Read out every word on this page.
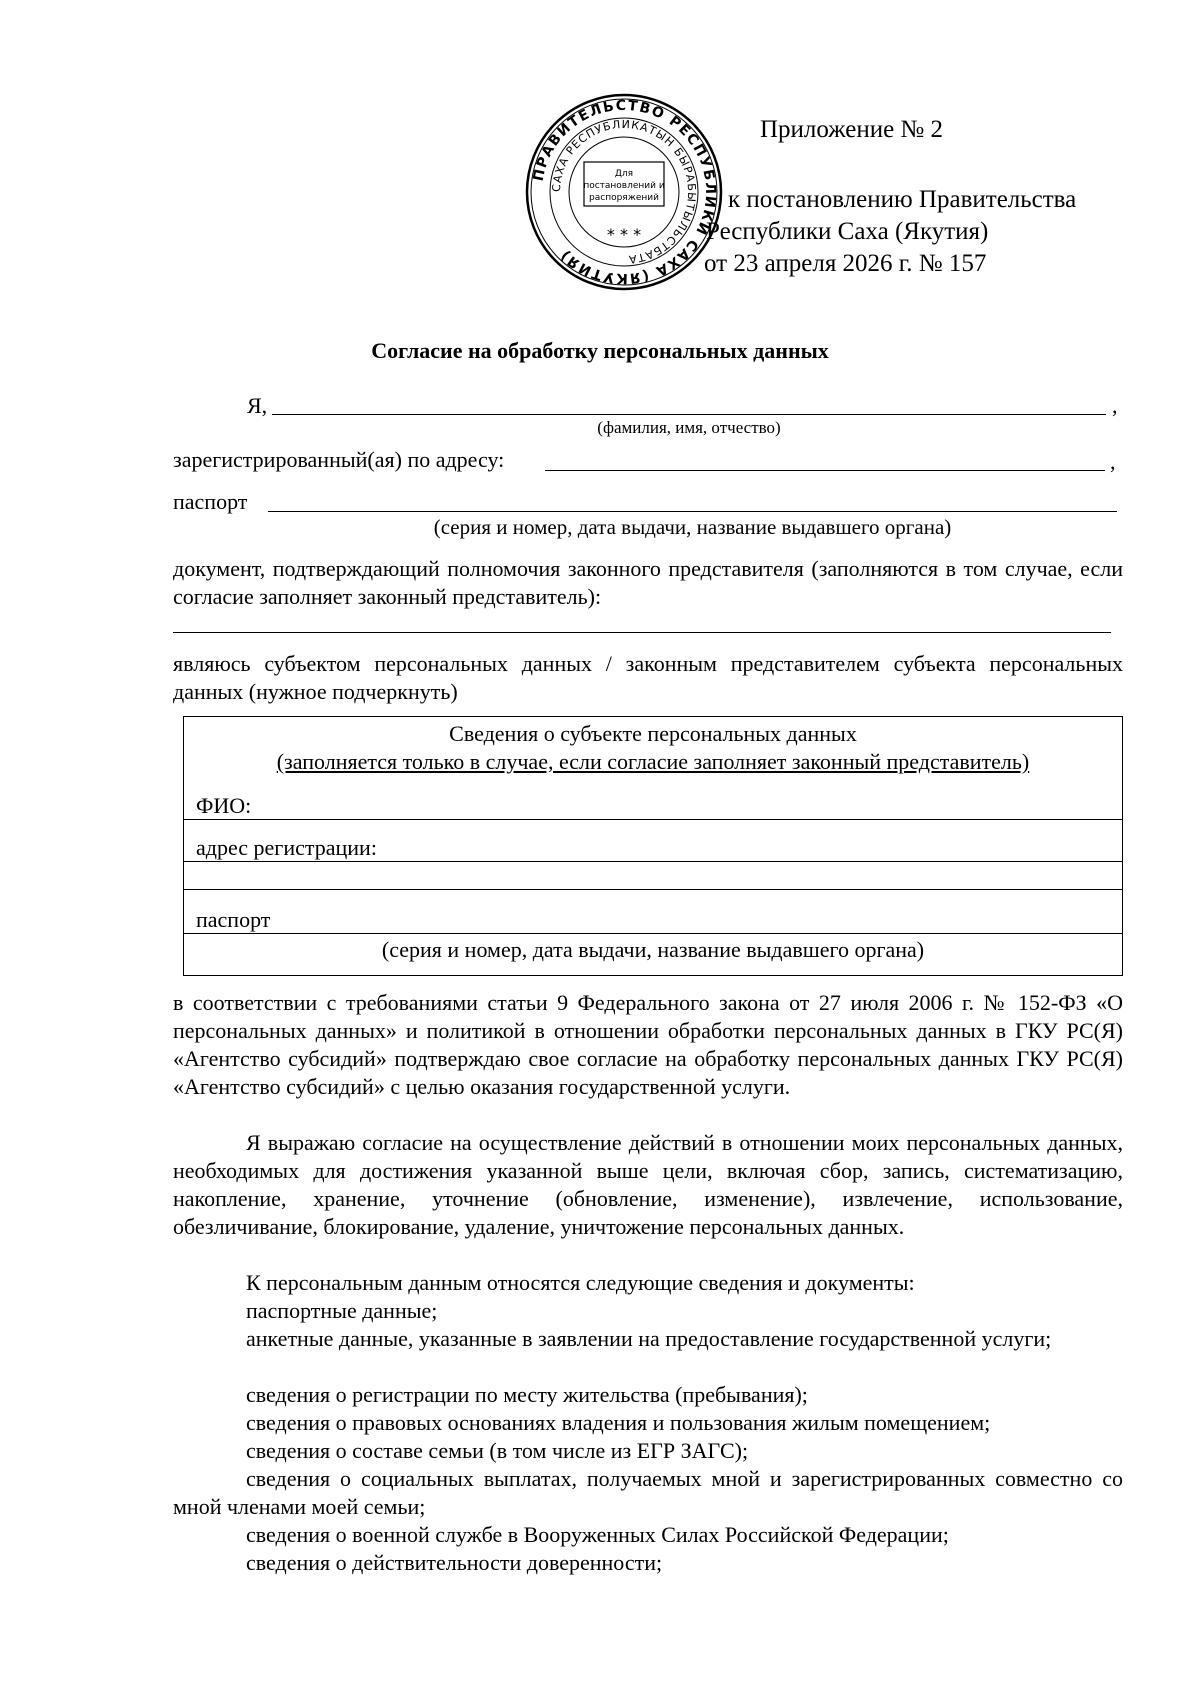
ПРАВИТЕЛЬСТВО РЕСПУБЛИКИ САХА (ЯКУТИЯ)
САХА РЕСПУБЛИКАТЫН БЫРАБЫТЫЛЬСТБАТА
Для
постановлений и
распоряжений
* * *
Приложение № 2
к постановлению Правительства
Республики Саха (Якутия)
от 23 апреля 2026 г. № 157
Согласие на обработку персональных данных
Я,	,
(фамилия, имя, отчество)
зарегистрированный(ая) по адресу:	,
паспорт
(серия и номер, дата выдачи, название выдавшего органа)
документ, подтверждающий полномочия законного представителя (заполняются в том случае, если согласие заполняет законный представитель):
являюсь субъектом персональных данных / законным представителем субъекта персональных данных (нужное подчеркнуть)
Сведения о субъекте персональных данных
(заполняется только в случае, если согласие заполняет законный представитель)
ФИО:
адрес регистрации:
паспорт
(серия и номер, дата выдачи, название выдавшего органа)
в соответствии с требованиями статьи 9 Федерального закона от 27 июля 2006 г. № 152-ФЗ «О персональных данных» и политикой в отношении обработки персональных данных в ГКУ РС(Я) «Агентство субсидий» подтверждаю свое согласие на обработку персональных данных ГКУ РС(Я) «Агентство субсидий» с целью оказания государственной услуги.
Я выражаю согласие на осуществление действий в отношении моих персональных данных, необходимых для достижения указанной выше цели, включая сбор, запись, систематизацию, накопление, хранение, уточнение (обновление, изменение), извлечение, использование, обезличивание, блокирование, удаление, уничтожение персональных данных.
К персональным данным относятся следующие сведения и документы:
паспортные данные;
анкетные данные, указанные в заявлении на предоставление государственной услуги;
сведения о регистрации по месту жительства (пребывания);
сведения о правовых основаниях владения и пользования жилым помещением;
сведения о составе семьи (в том числе из ЕГР ЗАГС);
сведения о социальных выплатах, получаемых мной и зарегистрированных совместно со мной членами моей семьи;
сведения о военной службе в Вооруженных Силах Российской Федерации;
сведения о действительности доверенности;
